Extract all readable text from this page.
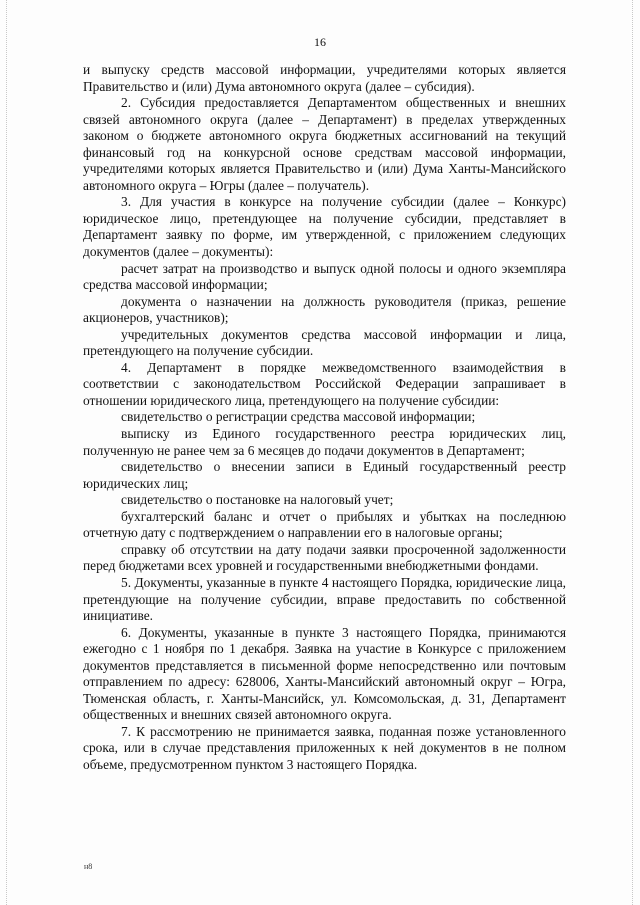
16

и выпуску средств массовой информации, учредителями которых является Правительство и (или) Дума автономного округа (далее – субсидия).

2. Субсидия предоставляется Департаментом общественных и внешних связей автономного округа (далее – Департамент) в пределах утвержденных законом о бюджете автономного округа бюджетных ассигнований на текущий финансовый год на конкурсной основе средствам массовой информации, учредителями которых является Правительство и (или) Дума Ханты-Мансийского автономного округа – Югры (далее – получатель).

3. Для участия в конкурсе на получение субсидии (далее – Конкурс) юридическое лицо, претендующее на получение субсидии, представляет в Департамент заявку по форме, им утвержденной, с приложением следующих документов (далее – документы):

расчет затрат на производство и выпуск одной полосы и одного экземпляра средства массовой информации;

документа о назначении на должность руководителя (приказ, решение акционеров, участников);

учредительных документов средства массовой информации и лица, претендующего на получение субсидии.

4. Департамент в порядке межведомственного взаимодействия в соответствии с законодательством Российской Федерации запрашивает в отношении юридического лица, претендующего на получение субсидии:

свидетельство о регистрации средства массовой информации;

выписку из Единого государственного реестра юридических лиц, полученную не ранее чем за 6 месяцев до подачи документов в Департамент;

свидетельство о внесении записи в Единый государственный реестр юридических лиц;

свидетельство о постановке на налоговый учет;

бухгалтерский баланс и отчет о прибылях и убытках на последнюю отчетную дату с подтверждением о направлении его в налоговые органы;

справку об отсутствии на дату подачи заявки просроченной задолженности перед бюджетами всех уровней и государственными внебюджетными фондами.

5. Документы, указанные в пункте 4 настоящего Порядка, юридические лица, претендующие на получение субсидии, вправе предоставить по собственной инициативе.

6. Документы, указанные в пункте 3 настоящего Порядка, принимаются ежегодно с 1 ноября по 1 декабря. Заявка на участие в Конкурсе с приложением документов представляется в письменной форме непосредственно или почтовым отправлением по адресу: 628006, Ханты-Мансийский автономный округ – Югра, Тюменская область, г. Ханты-Мансийск, ул. Комсомольская, д. 31, Департамент общественных и внешних связей автономного округа.

7. К рассмотрению не принимается заявка, поданная позже установленного срока, или в случае представления приложенных к ней документов в не полном объеме, предусмотренном пунктом 3 настоящего Порядка.

н8
